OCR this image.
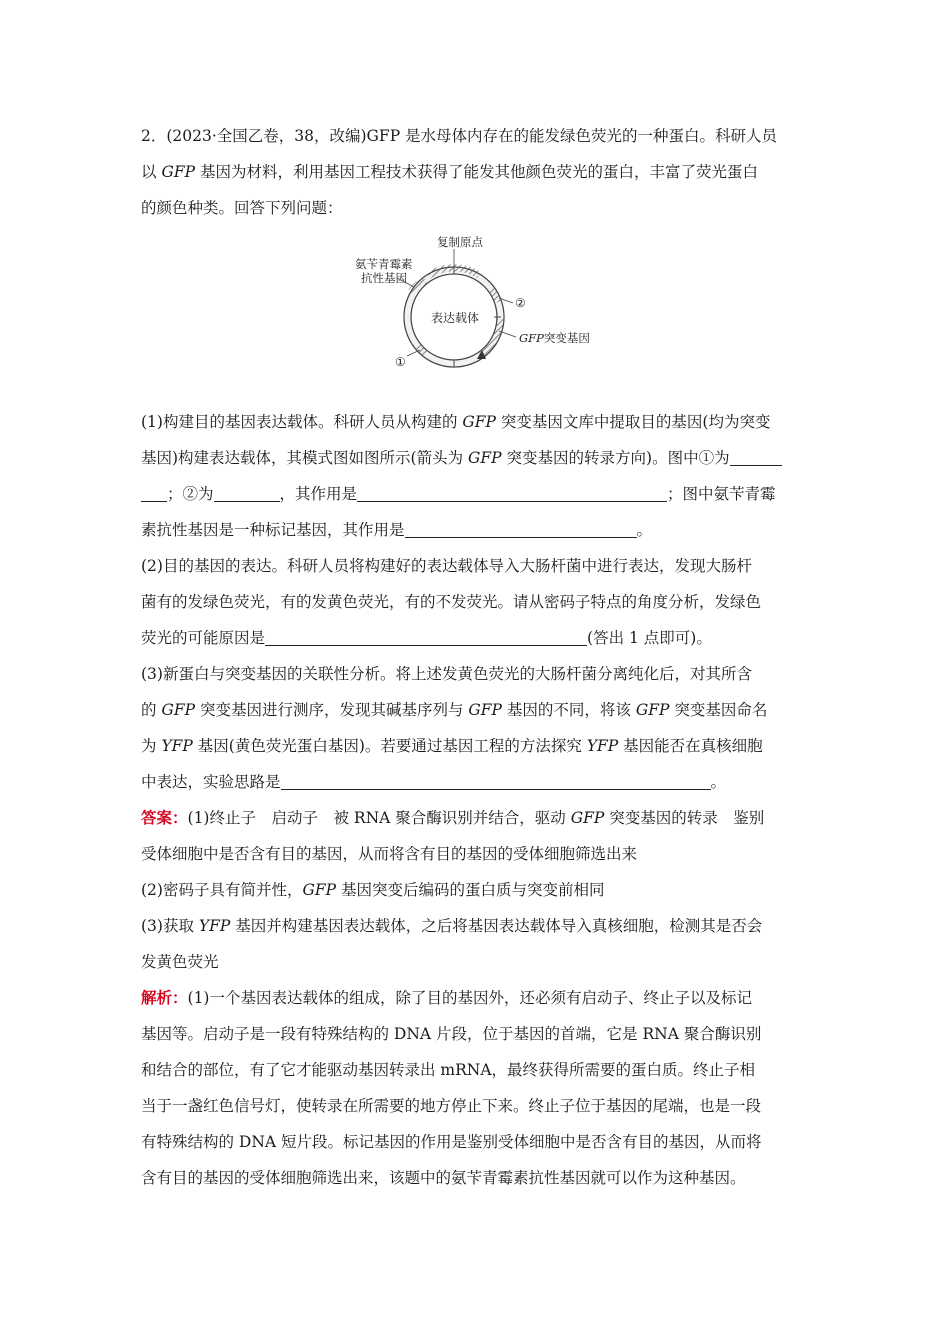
2．(2023·全国乙卷，38，改编)GFP 是水母体内存在的能发绿色荧光的一种蛋白。科研人员
以 GFP 基因为材料，利用基因工程技术获得了能发其他颜色荧光的蛋白，丰富了荧光蛋白
的颜色种类。回答下列问题：

复制原点
氨苄青霉素
抗性基因
表达载体
②
GFP突变基因
①

(1)构建目的基因表达载体。科研人员从构建的 GFP 突变基因文库中提取目的基因(均为突变
基因)构建表达载体，其模式图如图所示(箭头为 GFP 突变基因的转录方向)。图中①为
；②为	，其作用是	；图中氨苄青霉
素抗性基因是一种标记基因，其作用是	。

(2)目的基因的表达。科研人员将构建好的表达载体导入大肠杆菌中进行表达，发现大肠杆
菌有的发绿色荧光，有的发黄色荧光，有的不发荧光。请从密码子特点的角度分析，发绿色
荧光的可能原因是	(答出 1 点即可)。

(3)新蛋白与突变基因的关联性分析。将上述发黄色荧光的大肠杆菌分离纯化后，对其所含
的 GFP 突变基因进行测序，发现其碱基序列与 GFP 基因的不同，将该 GFP 突变基因命名
为 YFP 基因(黄色荧光蛋白基因)。若要通过基因工程的方法探究 YFP 基因能否在真核细胞
中表达，实验思路是	。

答案：(1)终止子　启动子　被 RNA 聚合酶识别并结合，驱动 GFP 突变基因的转录　鉴别
受体细胞中是否含有目的基因，从而将含有目的基因的受体细胞筛选出来
(2)密码子具有简并性，GFP 基因突变后编码的蛋白质与突变前相同
(3)获取 YFP 基因并构建基因表达载体，之后将基因表达载体导入真核细胞，检测其是否会
发黄色荧光

解析：(1)一个基因表达载体的组成，除了目的基因外，还必须有启动子、终止子以及标记
基因等。启动子是一段有特殊结构的 DNA 片段，位于基因的首端，它是 RNA 聚合酶识别
和结合的部位，有了它才能驱动基因转录出 mRNA，最终获得所需要的蛋白质。终止子相
当于一盏红色信号灯，使转录在所需要的地方停止下来。终止子位于基因的尾端，也是一段
有特殊结构的 DNA 短片段。标记基因的作用是鉴别受体细胞中是否含有目的基因，从而将
含有目的基因的受体细胞筛选出来，该题中的氨苄青霉素抗性基因就可以作为这种基因。
